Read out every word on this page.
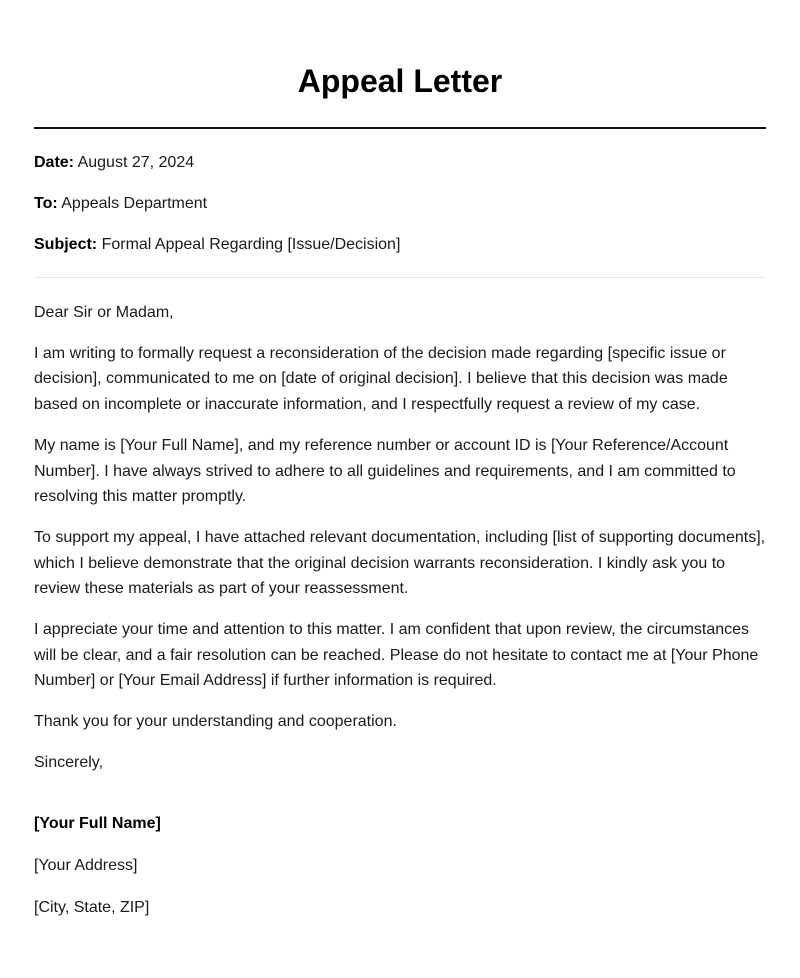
Appeal Letter
Date: August 27, 2024
To: Appeals Department
Subject: Formal Appeal Regarding [Issue/Decision]

Dear Sir or Madam,

I am writing to formally request a reconsideration of the decision made regarding [specific issue or decision], communicated to me on [date of original decision]. I believe that this decision was made based on incomplete or inaccurate information, and I respectfully request a review of my case.

My name is [Your Full Name], and my reference number or account ID is [Your Reference/Account Number]. I have always strived to adhere to all guidelines and requirements, and I am committed to resolving this matter promptly.

To support my appeal, I have attached relevant documentation, including [list of supporting documents], which I believe demonstrate that the original decision warrants reconsideration. I kindly ask you to review these materials as part of your reassessment.

I appreciate your time and attention to this matter. I am confident that upon review, the circumstances will be clear, and a fair resolution can be reached. Please do not hesitate to contact me at [Your Phone Number] or [Your Email Address] if further information is required.

Thank you for your understanding and cooperation.

Sincerely,

[Your Full Name]
[Your Address]
[City, State, ZIP]
